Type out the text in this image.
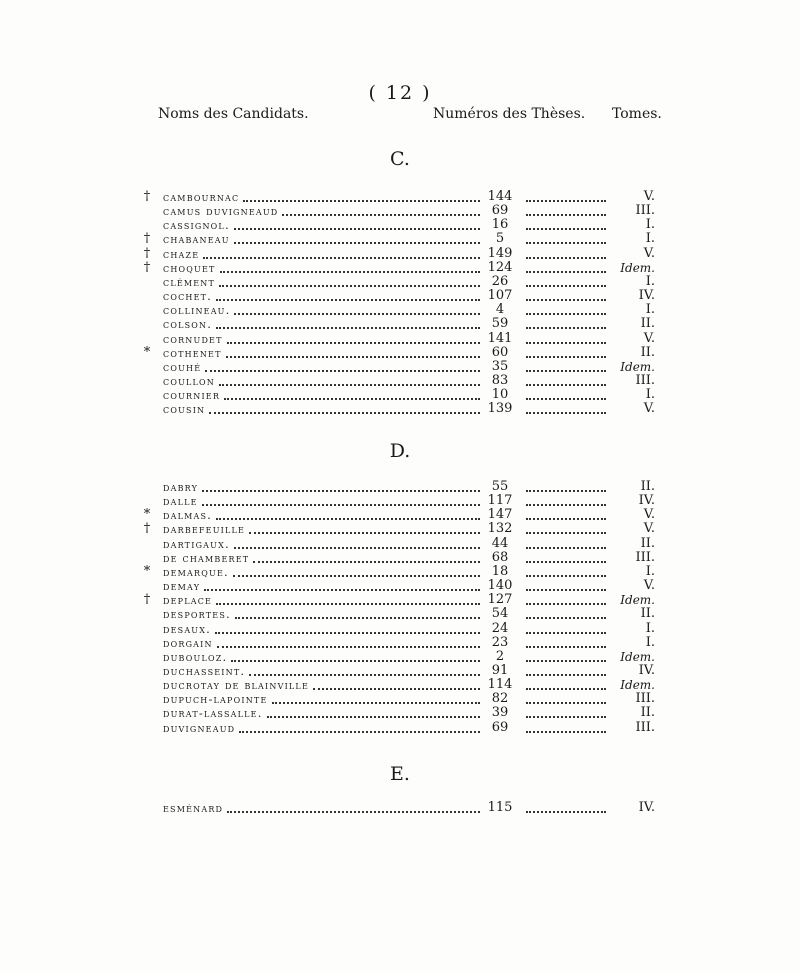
( 12 )
Noms des Candidats.	Numéros des Thèses. Tomes.
C.
†	cambournac	144	V.
camus duvigneaud	69	III.
cassignol.	16	I.
†	chabaneau	5	I.
†	chaze	149	V.
†	choquet	124	Idem.
clément	26	I.
cochet.	107	IV.
collineau.	4	I.
colson.	59	II.
cornudet	141	V.
*	cothenet	60	II.
couhé	35	Idem.
coullon	83	III.
cournier	10	I.
cousin	139	V.
D.
dabry	55	II.
dalle	117	IV.
*	dalmas.	147	V.
†	darbefeuille	132	V.
dartigaux.	44	II.
de chamberet	68	III.
*	demarque.	18	I.
demay	140	V.
†	deplace	127	Idem.
desportes.	54	II.
desaux.	24	I.
dorgain	23	I.
dubouloz.	2	Idem.
duchasseint.	91	IV.
ducrotay de blainville	114	Idem.
dupuch-lapointe	82	III.
durat-lassalle.	39	II.
duvigneaud	69	III.
E.
esménard	115	IV.
